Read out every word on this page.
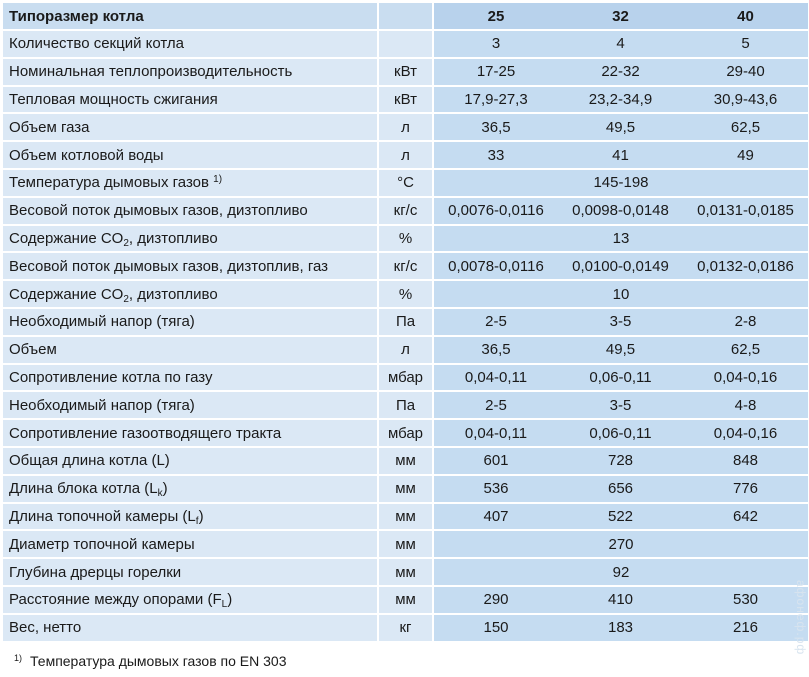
Типоразмер котла		25	32	40
Количество секций котла		3	4	5
Номинальная теплопроизводительность	кВт	17-25	22-32	29-40
Тепловая мощность сжигания	кВт	17,9-27,3	23,2-34,9	30,9-43,6
Объем газа	л	36,5	49,5	62,5
Объем котловой воды	л	33	41	49
Температура дымовых газов $^{1)}$	°C	145-198		
Весовой поток дымовых газов, дизтопливо	кг/с	0,0076-0,0116	0,0098-0,0148	0,0131-0,0185
Содержание $CO_2$, дизтопливо	%	13		
Весовой поток дымовых газов, дизтоплив, газ	кг/с	0,0078-0,0116	0,0100-0,0149	0,0132-0,0186
Содержание $CO_2$, дизтопливо	%	10		
Необходимый напор (тяга)	Па	2-5	3-5	2-8
Объем	л	36,5	49,5	62,5
Сопротивление котла по газу	мбар	0,04-0,11	0,06-0,11	0,04-0,16
Необходимый напор (тяга)	Па	2-5	3-5	4-8
Сопротивление газоотводящего тракта	мбар	0,04-0,11	0,06-0,11	0,04-0,16
Общая длина котла (L)	мм	601	728	848
Длина блока котла $(L_k)$	мм	536	656	776
Длина топочной камеры $(L_f)$	мм	407	522	642
Диаметр топочной камеры	мм	270		
Глубина дрерцы горелки	мм	92		
Расстояние между опорами $(F_L)$	мм	290	410	530
Вес, нетто	кг	150	183	216
$^{1)}$ Температура дымовых газов по EN 303
aфонеф.рф
